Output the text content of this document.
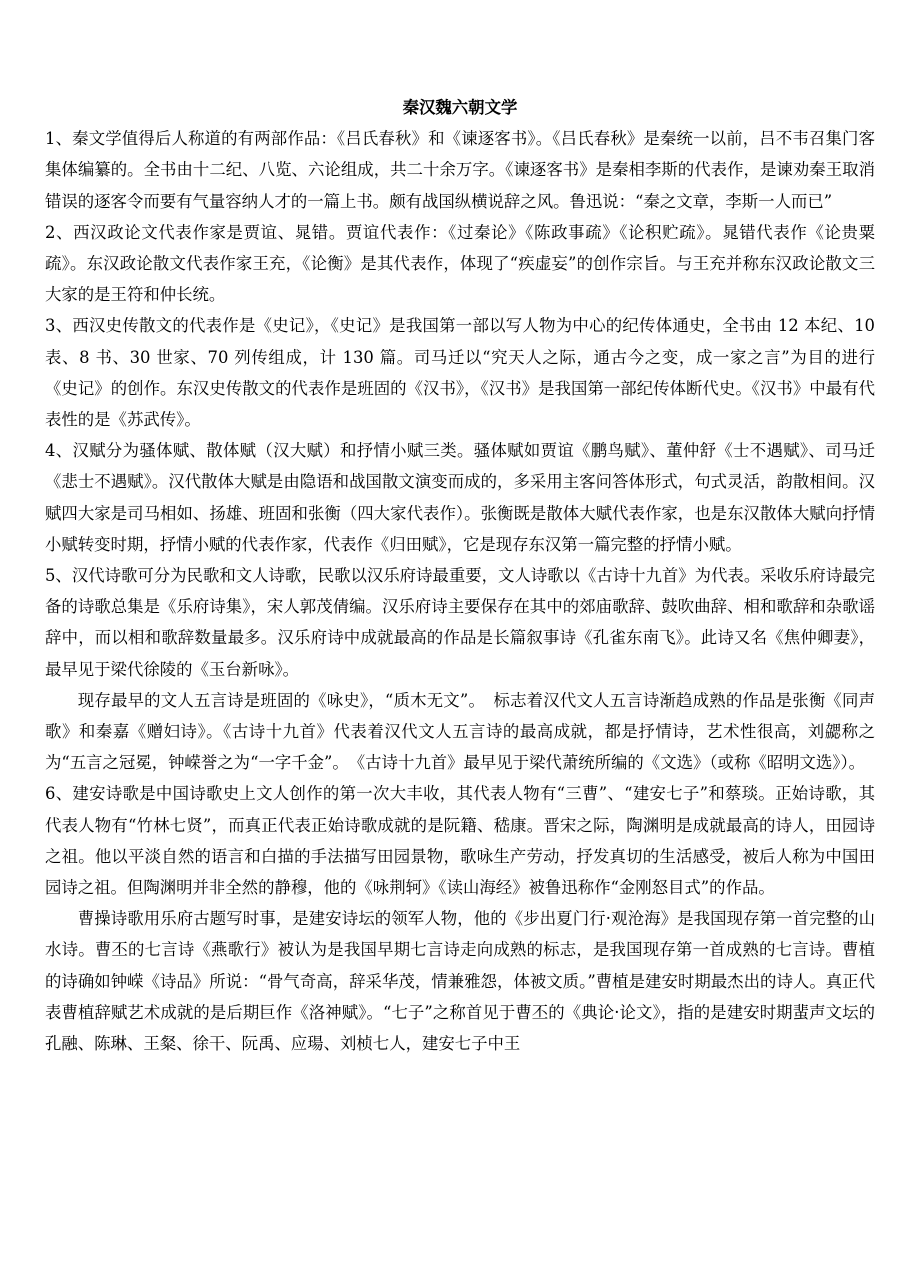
秦汉魏六朝文学

1、秦文学值得后人称道的有两部作品：《吕氏春秋》和《谏逐客书》。《吕氏春秋》是秦统一以前，吕不韦召集门客集体编纂的。全书由十二纪、八览、六论组成，共二十余万字。《谏逐客书》是秦相李斯的代表作，是谏劝秦王取消错误的逐客令而要有气量容纳人才的一篇上书。颇有战国纵横说辞之风。鲁迅说：“秦之文章，李斯一人而已”

2、西汉政论文代表作家是贾谊、晁错。贾谊代表作：《过秦论》《陈政事疏》《论积贮疏》。晁错代表作《论贵粟疏》。东汉政论散文代表作家王充，《论衡》是其代表作，体现了“疾虚妄”的创作宗旨。与王充并称东汉政论散文三大家的是王符和仲长统。

3、西汉史传散文的代表作是《史记》，《史记》是我国第一部以写人物为中心的纪传体通史，全书由 12 本纪、10 表、8 书、30 世家、70 列传组成，计 130 篇。司马迁以“究天人之际，通古今之变，成一家之言”为目的进行《史记》的创作。东汉史传散文的代表作是班固的《汉书》，《汉书》是我国第一部纪传体断代史。《汉书》中最有代表性的是《苏武传》。

4、汉赋分为骚体赋、散体赋（汉大赋）和抒情小赋三类。骚体赋如贾谊《鹏鸟赋》、董仲舒《士不遇赋》、司马迁《悲士不遇赋》。汉代散体大赋是由隐语和战国散文演变而成的，多采用主客问答体形式，句式灵活，韵散相间。汉赋四大家是司马相如、扬雄、班固和张衡（四大家代表作）。张衡既是散体大赋代表作家，也是东汉散体大赋向抒情小赋转变时期，抒情小赋的代表作家，代表作《归田赋》，它是现存东汉第一篇完整的抒情小赋。

5、汉代诗歌可分为民歌和文人诗歌，民歌以汉乐府诗最重要，文人诗歌以《古诗十九首》为代表。采收乐府诗最完备的诗歌总集是《乐府诗集》，宋人郭茂倩编。汉乐府诗主要保存在其中的郊庙歌辞、鼓吹曲辞、相和歌辞和杂歌谣辞中，而以相和歌辞数量最多。汉乐府诗中成就最高的作品是长篇叙事诗《孔雀东南飞》。此诗又名《焦仲卿妻》，最早见于梁代徐陵的《玉台新咏》。

现存最早的文人五言诗是班固的《咏史》，“质木无文”。　标志着汉代文人五言诗渐趋成熟的作品是张衡《同声歌》和秦嘉《赠妇诗》。《古诗十九首》代表着汉代文人五言诗的最高成就，都是抒情诗，艺术性很高，刘勰称之为“五言之冠冕，钟嵘誉之为“一字千金”。　《古诗十九首》最早见于梁代萧统所编的《文选》（或称《昭明文选》）。

6、建安诗歌是中国诗歌史上文人创作的第一次大丰收，其代表人物有“三曹”、“建安七子”和蔡琰。正始诗歌，其代表人物有“竹林七贤”，而真正代表正始诗歌成就的是阮籍、嵇康。晋宋之际，陶渊明是成就最高的诗人，田园诗之祖。他以平淡自然的语言和白描的手法描写田园景物，歌咏生产劳动，抒发真切的生活感受，被后人称为中国田园诗之祖。但陶渊明并非全然的静穆，他的《咏荆轲》《读山海经》被鲁迅称作“金刚怒目式”的作品。

曹操诗歌用乐府古题写时事，是建安诗坛的领军人物，他的《步出夏门行·观沧海》是我国现存第一首完整的山水诗。曹丕的七言诗《燕歌行》被认为是我国早期七言诗走向成熟的标志，是我国现存第一首成熟的七言诗。曹植的诗确如钟嵘《诗品》所说：“骨气奇高，辞采华茂，情兼雅怨，体被文质。”曹植是建安时期最杰出的诗人。真正代表曹植辞赋艺术成就的是后期巨作《洛神赋》。“七子”之称首见于曹丕的《典论·论文》，指的是建安时期蜚声文坛的孔融、陈琳、王粲、徐干、阮禹、应瑒、刘桢七人，建安七子中王
